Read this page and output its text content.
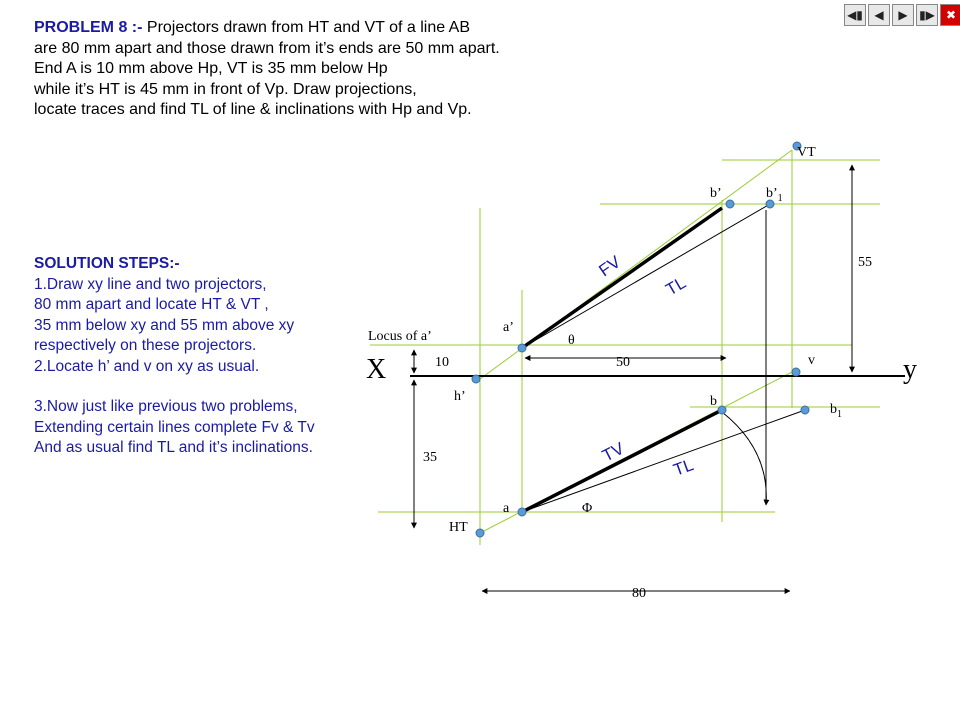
PROBLEM 8 :- Projectors drawn from HT and VT of a line AB
are 80 mm apart and those drawn from it’s ends are 50 mm apart.
End A is 10 mm above Hp, VT is 35 mm below Hp
while it’s HT is 45 mm in front of Vp. Draw projections,
locate traces and find TL of line & inclinations with Hp and Vp.
SOLUTION STEPS:-
1.Draw xy line and two projectors,
80 mm apart and locate HT & VT ,
35 mm below xy and 55 mm above xy
respectively on these projectors.
2.Locate h’ and v on xy as usual.
3.Now just like previous two problems,
Extending certain lines complete Fv & Tv
And as usual find TL and it’s inclinations.
◀▮ ◀	▶ ▮▶ ✖
X	y
VT
HT
b’	$b’_1$
a’
h’
v
b
$b_1$
a
Locus of a’
FV
TL
TV
TL
θ
Φ
10	50
55
35
80
